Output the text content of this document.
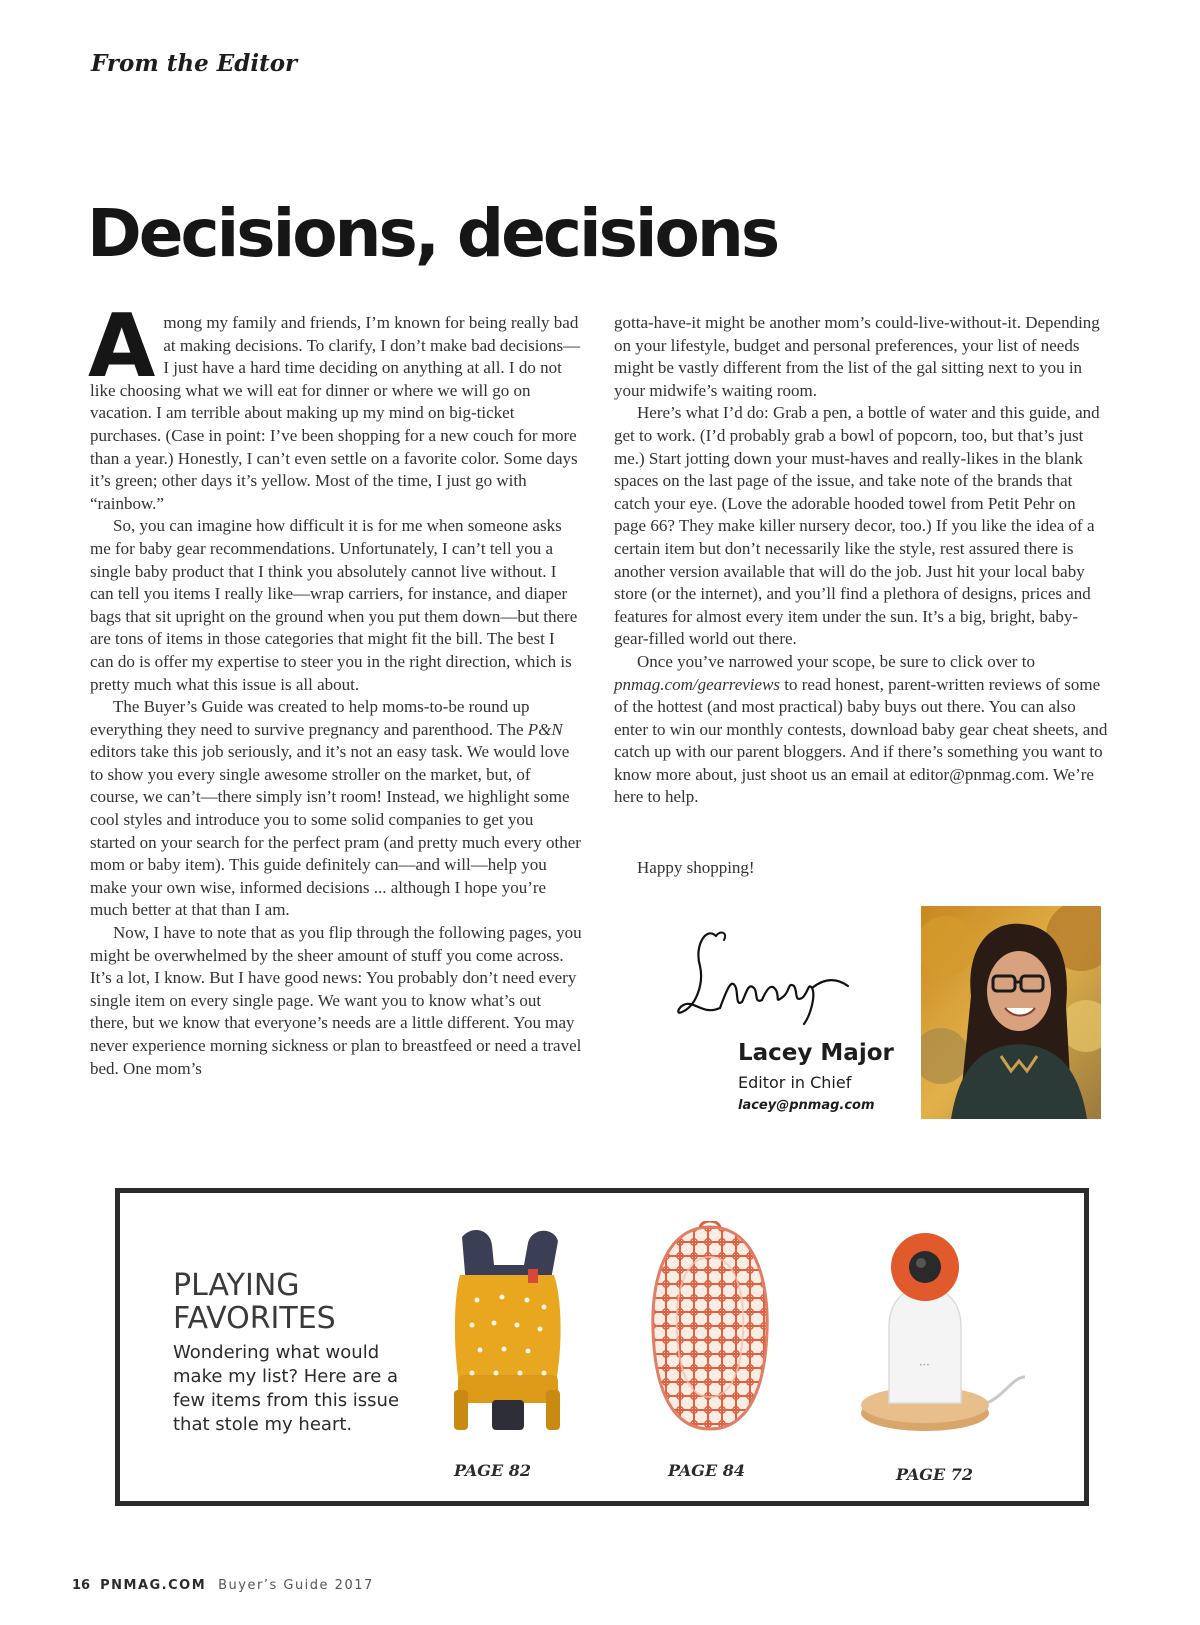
From the Editor

Decisions, decisions

Among my family and friends, I’m known for being really bad at making decisions. To clarify, I don’t make bad decisions—I just have a hard time deciding on anything at all. I do not like choosing what we will eat for dinner or where we will go on vacation. I am terrible about making up my mind on big-ticket purchases. (Case in point: I’ve been shopping for a new couch for more than a year.) Honestly, I can’t even settle on a favorite color. Some days it’s green; other days it’s yellow. Most of the time, I just go with “rainbow.”

So, you can imagine how difficult it is for me when someone asks me for baby gear recommendations. Unfortunately, I can’t tell you a single baby product that I think you absolutely cannot live without. I can tell you items I really like—wrap carriers, for instance, and diaper bags that sit upright on the ground when you put them down—but there are tons of items in those categories that might fit the bill. The best I can do is offer my expertise to steer you in the right direction, which is pretty much what this issue is all about.

The Buyer’s Guide was created to help moms-to-be round up everything they need to survive pregnancy and parenthood. The P&N editors take this job seriously, and it’s not an easy task. We would love to show you every single awesome stroller on the market, but, of course, we can’t—there simply isn’t room! Instead, we highlight some cool styles and introduce you to some solid companies to get you started on your search for the perfect pram (and pretty much every other mom or baby item). This guide definitely can—and will—help you make your own wise, informed decisions ... although I hope you’re much better at that than I am.

Now, I have to note that as you flip through the following pages, you might be overwhelmed by the sheer amount of stuff you come across. It’s a lot, I know. But I have good news: You probably don’t need every single item on every single page. We want you to know what’s out there, but we know that everyone’s needs are a little different. You may never experience morning sickness or plan to breastfeed or need a travel bed. One mom’s

gotta-have-it might be another mom’s could-live-without-it. Depending on your lifestyle, budget and personal preferences, your list of needs might be vastly different from the list of the gal sitting next to you in your midwife’s waiting room.

Here’s what I’d do: Grab a pen, a bottle of water and this guide, and get to work. (I’d probably grab a bowl of popcorn, too, but that’s just me.) Start jotting down your must-haves and really-likes in the blank spaces on the last page of the issue, and take note of the brands that catch your eye. (Love the adorable hooded towel from Petit Pehr on page 66? They make killer nursery decor, too.) If you like the idea of a certain item but don’t necessarily like the style, rest assured there is another version available that will do the job. Just hit your local baby store (or the internet), and you’ll find a plethora of designs, prices and features for almost every item under the sun. It’s a big, bright, baby-gear-filled world out there.

Once you’ve narrowed your scope, be sure to click over to pnmag.com/gearreviews to read honest, parent-written reviews of some of the hottest (and most practical) baby buys out there. You can also enter to win our monthly contests, download baby gear cheat sheets, and catch up with our parent bloggers. And if there’s something you want to know more about, just shoot us an email at editor@pnmag.com. We’re here to help.

Happy shopping!

Lacey Major

Editor in Chief

lacey@pnmag.com

PLAYING
FAVORITES

Wondering what would make my list? Here are a few items from this issue that stole my heart.

PAGE 82	PAGE 84

•••

PAGE 72

16 PNMAG.COM Buyer’s Guide 2017
